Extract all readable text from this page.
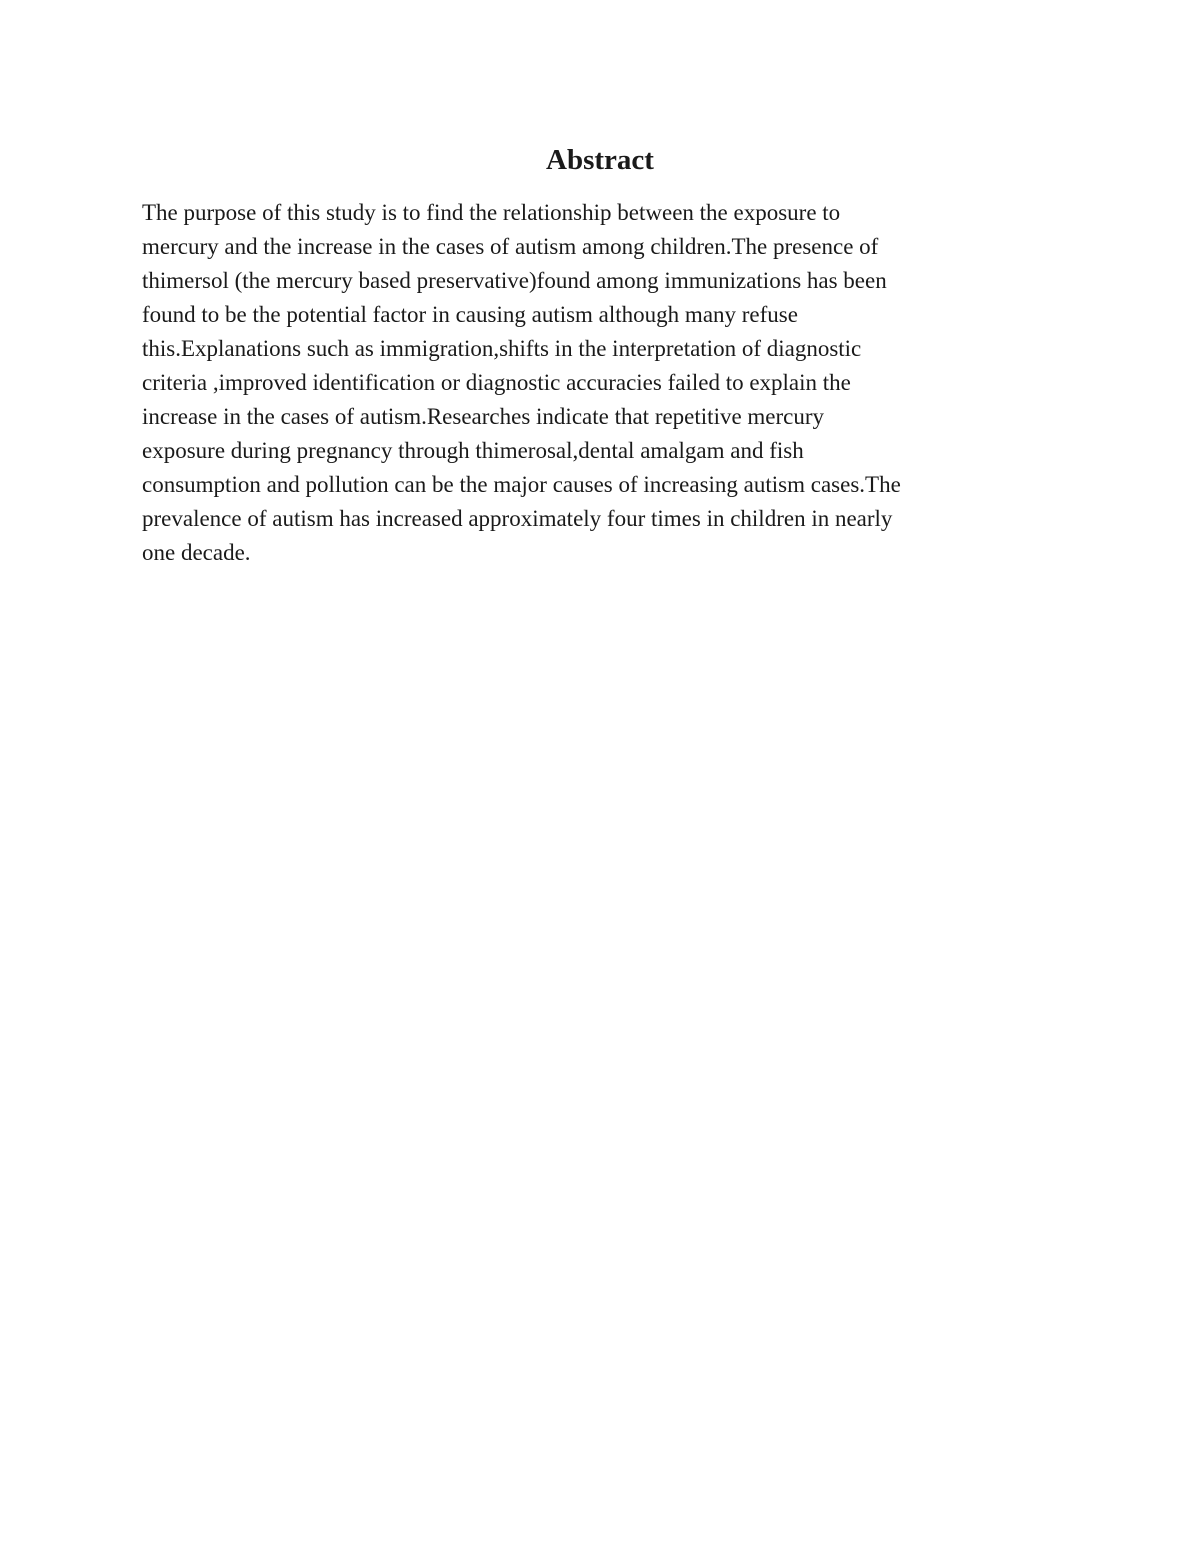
Abstract
The purpose of this study is to find the relationship between the exposure to
mercury and the increase in the cases of autism among children.The presence of
thimersol (the mercury based preservative)found among immunizations has been
found to be the potential factor in causing autism although many refuse
this.Explanations such as immigration,shifts in the interpretation of diagnostic
criteria ,improved identification or diagnostic accuracies failed to explain the
increase in the cases of autism.Researches indicate that repetitive mercury
exposure during pregnancy through thimerosal,dental amalgam and fish
consumption and pollution can be the major causes of increasing autism cases.The
prevalence of autism has increased approximately four times in children in nearly
one decade.
